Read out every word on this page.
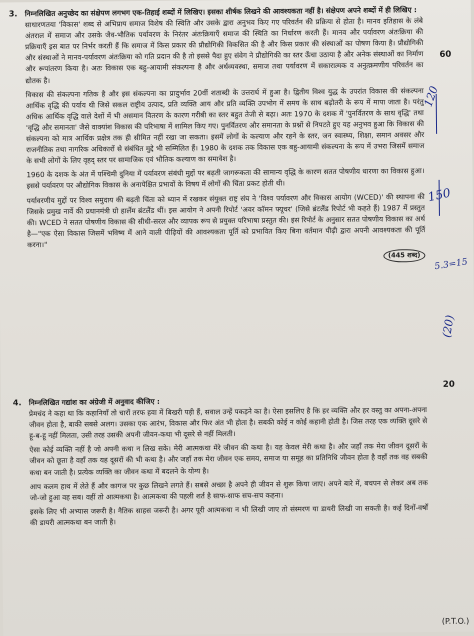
3. निम्नलिखित अनुच्छेद का संक्षेपण लगभग एक-तिहाई शब्दों में लिखिए। इसका शीर्षक लिखने की आवश्यकता नहीं है। संक्षेपण अपने शब्दों में ही लिखिए :
साधारणतया 'विकास' शब्द से अभिप्राय समाज विशेष की स्थिति और उसके द्वारा अनुभव किए गए परिवर्तन की प्रक्रिया से होता है। मानव इतिहास के लंबे अंतराल में समाज और उसके जैव-भौतिक पर्यावरण के निरंतर अंतःक्रियाएँ समाज की स्थिति का निर्धारण करती हैं। मानव और पर्यावरण अंतःक्रिया की प्रक्रियाएँ इस बात पर निर्भर करती हैं कि समाज में किस प्रकार की प्रौद्योगिकी विकसित की है और किस प्रकार की संस्थाओं का पोषण किया है। प्रौद्योगिकी और संस्थाओं ने मानव-पर्यावरण अंतःक्रिया को गति प्रदान की है तो इससे पैदा हुए संवेग ने प्रौद्योगिकी का स्तर ऊँचा उठाया है और अनेक संस्थाओं का निर्माण और रूपांतरण किया है। अतः विकास एक बहु-आयामी संकल्पना है और अर्थव्यवस्था, समाज तथा पर्यावरण में सकारात्मक व अनुत्क्रमणीय परिवर्तन का द्योतक है।
विकास की संकल्पना गतिक है और इस संकल्पना का प्रादुर्भाव 20वीं शताब्दी के उत्तरार्ध में हुआ है। द्वितीय विश्व युद्ध के उपरांत विकास की संकल्पना आर्थिक वृद्धि की पर्याय थी जिसे सकल राष्ट्रीय उत्पाद, प्रति व्यक्ति आय और प्रति व्यक्ति उपभोग में समय के साथ बढ़ोतरी के रूप में मापा जाता है। परंतु अधिक आर्थिक वृद्धि वाले देशों में भी असमान वितरण के कारण गरीबी का स्तर बहुत तेजी से बढ़ा। अतः 1970 के दशक में 'पुनर्वितरण के साथ वृद्धि' तथा 'वृद्धि और समानता' जैसे वाक्यांश विकास की परिभाषा में शामिल किए गए। पुनर्वितरण और समानता के प्रश्नों से निपटते हुए यह अनुभव हुआ कि विकास की संकल्पना को मात्र आर्थिक प्रक्षेत्र तक ही सीमित नहीं रखा जा सकता। इसमें लोगों के कल्याण और रहने के स्तर, जन स्वास्थ्य, शिक्षा, समान अवसर और राजनीतिक तथा नागरिक अधिकारों से संबंधित मुद्दे भी सम्मिलित हैं। 1980 के दशक तक विकास एक बहु-आयामी संकल्पना के रूप में उभरा जिसमें समाज के सभी लोगों के लिए वृहद् स्तर पर सामाजिक एवं भौतिक कल्याण का समावेश है।
1960 के दशक के अंत में पश्चिमी दुनिया में पर्यावरण संबंधी मुद्दों पर बढ़ती जागरूकता की सामान्य वृद्धि के कारण सतत पोषणीय धारणा का विकास हुआ। इससे पर्यावरण पर औद्योगिक विकास के अनापेक्षित प्रभावों के विषय में लोगों की चिंता प्रकट होती थी।
पर्यावरणीय मुद्दों पर विश्व समुदाय की बढ़ती चिंता को ध्यान में रखकर संयुक्त राष्ट्र संघ ने 'विश्व पर्यावरण और विकास आयोग (WCED)' की स्थापना की जिसके प्रमुख नार्वे की प्रधानमंत्री ग्रो हार्लेम ब्रंटलैंड थीं। इस आयोग ने अपनी रिपोर्ट 'अवर कॉमन फ्यूचर' (जिसे ब्रंटलैंड रिपोर्ट भी कहते हैं) 1987 में प्रस्तुत की। WCED ने सतत पोषणीय विकास की सीधी-सरल और व्यापक रूप से प्रयुक्त परिभाषा प्रस्तुत की। इस रिपोर्ट के अनुसार सतत पोषणीय विकास का अर्थ है—"एक ऐसा विकास जिसमें भविष्य में आने वाली पीढ़ियों की आवश्यकता पूर्ति को प्रभावित किए बिना वर्तमान पीढ़ी द्वारा अपनी आवश्यकता की पूर्ति करना।"
(445 शब्द)
60
4. निम्नलिखित गद्यांश का अंग्रेजी में अनुवाद कीजिए :
प्रेमचंद ने कहा था कि कहानियाँ तो चारों तरफ हवा में बिखरी पड़ी हैं, सवाल उन्हें पकड़ने का है। ऐसा इसलिए है कि हर व्यक्ति और हर वस्तु का अपना-अपना जीवन होता है, बाकी सबसे अलग। उसका एक आरंभ, विकास और फिर अंत भी होता है। सबकी कोई न कोई कहानी होती है। जिस तरह एक व्यक्ति दूसरे से हू-ब-हू नहीं मिलता, उसी तरह उसकी अपनी जीवन-कथा भी दूसरे से नहीं मिलती।
ऐसा कोई व्यक्ति नहीं है जो अपनी कथा न लिख सके। मेरी आत्मकथा मेरे जीवन की कथा है। यह केवल मेरी कथा है। और जहाँ तक मेरा जीवन दूसरों के जीवन को छूता है वहाँ तक यह दूसरों की भी कथा है। और जहाँ तक मेरा जीवन एक समय, समाज या समूह का प्रतिनिधि जीवन होता है वहाँ तक वह सबकी कथा बन जाती है। प्रत्येक व्यक्ति का जीवन कथा में बदलने के योग्य है।
आप कलम हाथ में लेते हैं और कागज पर कुछ लिखने लगते हैं। सबसे अच्छा है अपने ही जीवन से शुरू किया जाए। अपने बारे में, बचपन से लेकर अब तक जो-जो हुआ वह सब। वहीं तो आत्मकथा है। आत्मकथा की पहली शर्त है साफ-साफ सच-सच कहना।
इसके लिए भी अभ्यास जरूरी है। नैतिक साहस जरूरी है। अगर पूरी आत्मकथा न भी लिखी जाए तो संस्मरण या डायरी लिखी जा सकती है। कई दिनों-वर्षों की डायरी आत्मकथा बन जाती है।
20
120
150
5.3=15
(20)
(P.T.O.)
